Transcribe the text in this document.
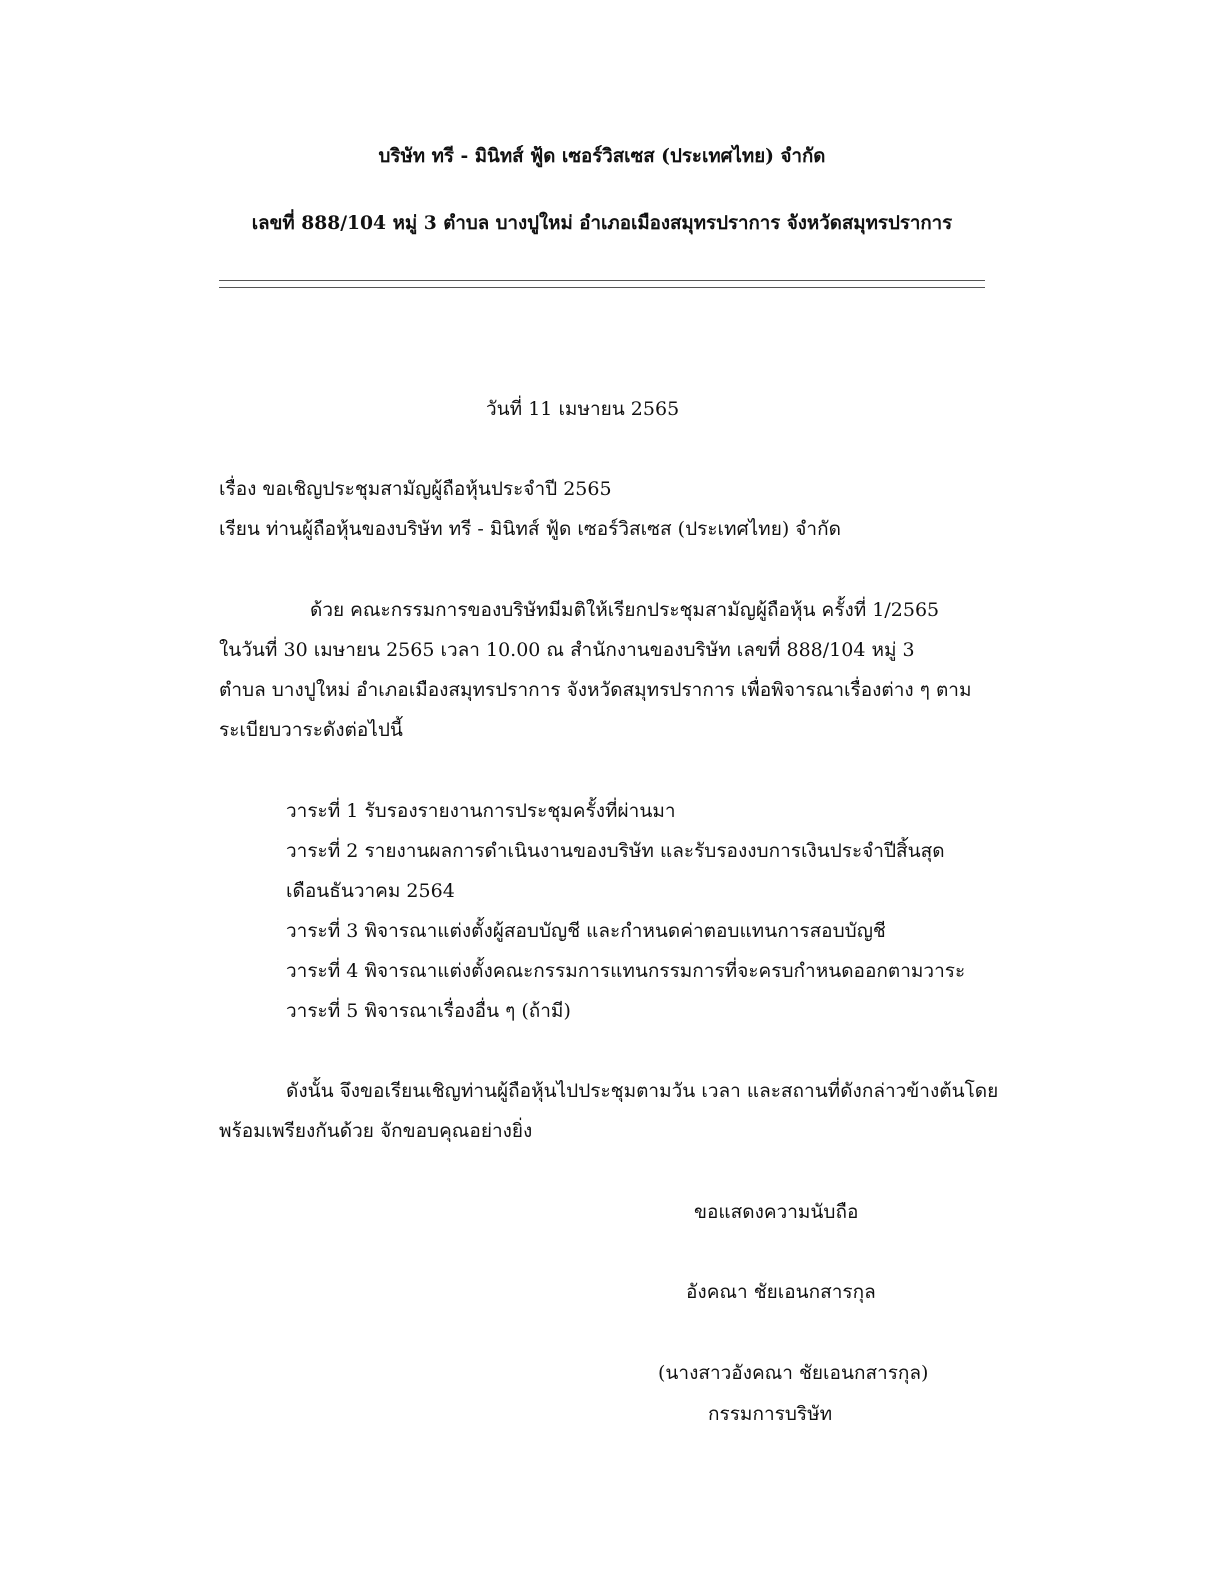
บริษัท ทรี - มินิทส์ ฟู้ด เซอร์วิสเซส (ประเทศไทย) จำกัด
เลขที่ 888/104 หมู่ 3 ตำบล บางปูใหม่ อำเภอเมืองสมุทรปราการ จังหวัดสมุทรปราการ
วันที่ 11 เมษายน 2565
เรื่อง ขอเชิญประชุมสามัญผู้ถือหุ้นประจำปี 2565
เรียน ท่านผู้ถือหุ้นของบริษัท ทรี - มินิทส์ ฟู้ด เซอร์วิสเซส (ประเทศไทย) จำกัด
ด้วย คณะกรรมการของบริษัทมีมติให้เรียกประชุมสามัญผู้ถือหุ้น ครั้งที่ 1/2565
ในวันที่ 30 เมษายน 2565 เวลา 10.00 ณ สำนักงานของบริษัท เลขที่ 888/104 หมู่ 3
ตำบล บางปูใหม่ อำเภอเมืองสมุทรปราการ จังหวัดสมุทรปราการ เพื่อพิจารณาเรื่องต่าง ๆ ตาม
ระเบียบวาระดังต่อไปนี้
วาระที่ 1 รับรองรายงานการประชุมครั้งที่ผ่านมา
วาระที่ 2 รายงานผลการดำเนินงานของบริษัท และรับรองงบการเงินประจำปีสิ้นสุด
เดือนธันวาคม 2564
วาระที่ 3 พิจารณาแต่งตั้งผู้สอบบัญชี และกำหนดค่าตอบแทนการสอบบัญชี
วาระที่ 4 พิจารณาแต่งตั้งคณะกรรมการแทนกรรมการที่จะครบกำหนดออกตามวาระ
วาระที่ 5 พิจารณาเรื่องอื่น ๆ (ถ้ามี)
ดังนั้น จึงขอเรียนเชิญท่านผู้ถือหุ้นไปประชุมตามวัน เวลา และสถานที่ดังกล่าวข้างต้นโดย
พร้อมเพรียงกันด้วย จักขอบคุณอย่างยิ่ง
ขอแสดงความนับถือ
อังคณา ชัยเอนกสารกุล
(นางสาวอังคณา ชัยเอนกสารกุล)
กรรมการบริษัท
